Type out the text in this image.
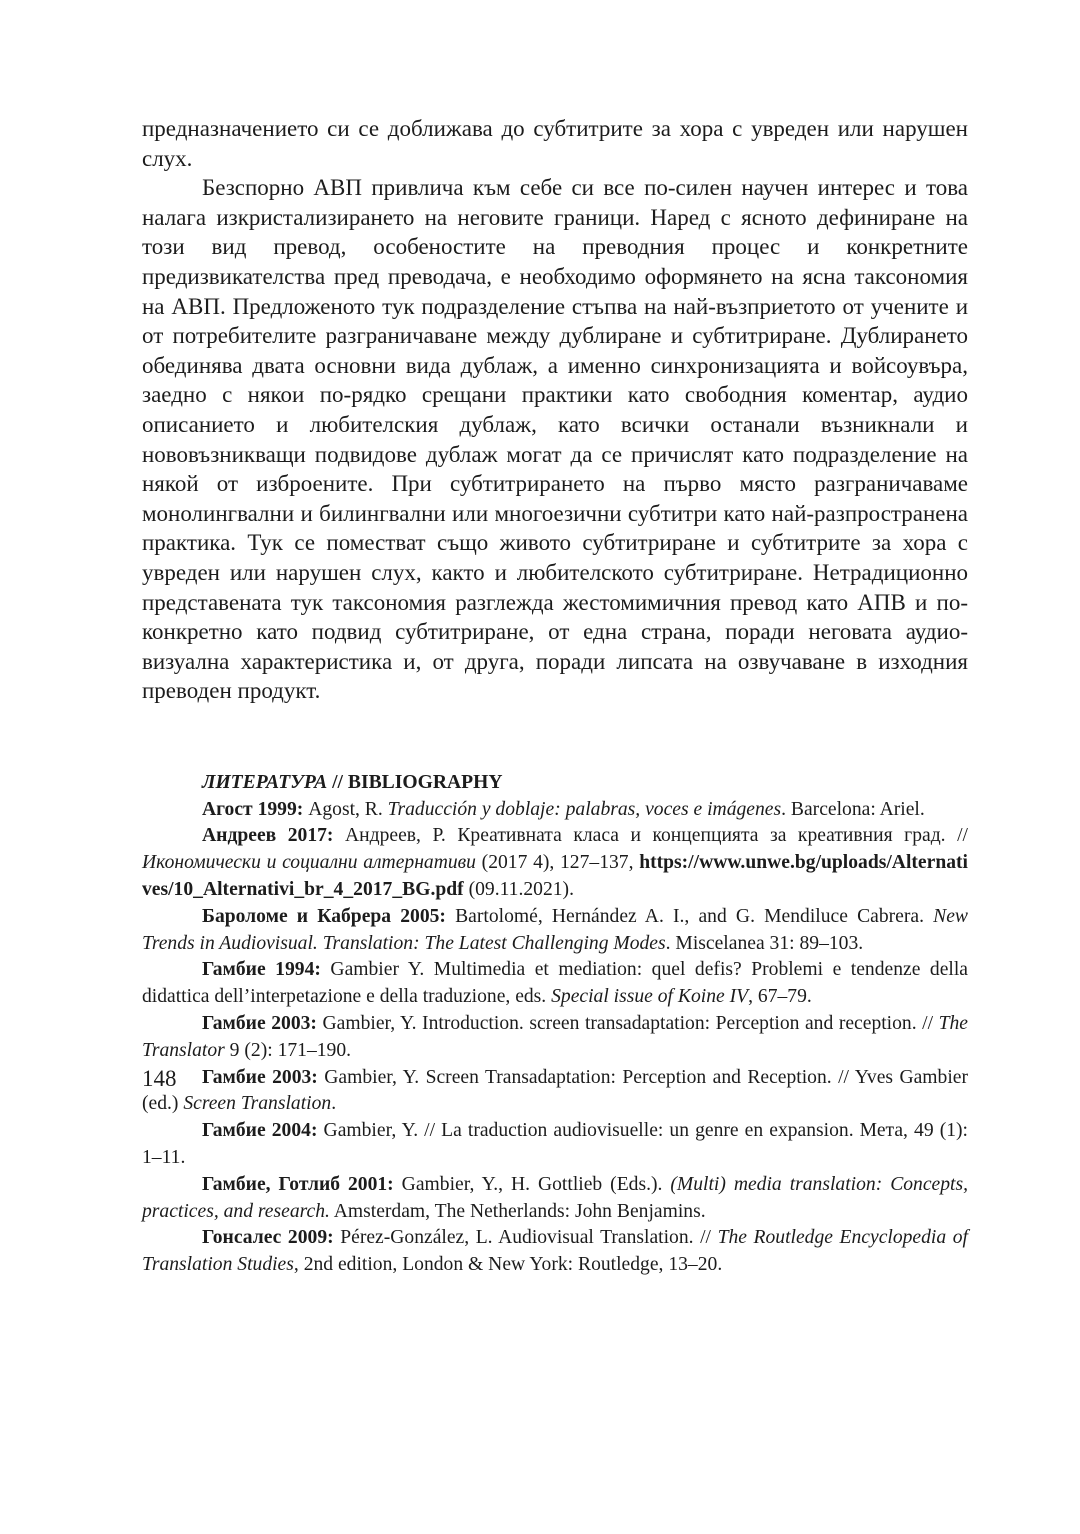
предназначението си се доближава до субтитрите за хора с увреден или нарушен слух.

Безспорно АВП привлича към себе си все по-силен научен интерес и това налага изкристализирането на неговите граници. Наред с ясното дефиниране на този вид превод, особеностите на преводния процес и конкретните предизвикателства пред преводача, е необходимо оформянето на ясна таксономия на АВП. Предложеното тук подразделение стъпва на най-възприетото от учените и от потребителите разграничаване между дублиране и субтитриране. Дублирането обединява двата основни вида дублаж, а именно синхронизацията и войсоувъра, заедно с някои по-рядко срещани практики като свободния коментар, аудио описанието и любителския дублаж, като всички останали възникнали и нововъзникващи подвидове дублаж могат да се причислят като подразделение на някой от изброените. При субтитрирането на първо място разграничаваме монолингвални и билингвални или многоезични субтитри като най-разпространена практика. Тук се поместват също живото субтитриране и субтитрите за хора с увреден или нарушен слух, както и любителското субтитриране. Нетрадиционно представената тук таксономия разглежда жестомимичния превод като АПВ и по-конкретно като подвид субтитриране, от една страна, поради неговата аудио-визуална характеристика и, от друга, поради липсата на озвучаване в изходния преводен продукт.

ЛИТЕРАТУРА // BIBLIOGRAPHY

Агост 1999: Agost, R. Traducción y doblaje: palabras, voces e imágenes. Barcelona: Ariel.

Андреев 2017: Андреев, Р. Креативната класа и концепцията за креативния град. // Икономически и социални алтернативи (2017 4), 127–137, https://www.unwe.bg/uploads/Alternatives/10_Alternativi_br_4_2017_BG.pdf (09.11.2021).

Бароломе и Кабрера 2005: Bartolomé, Hernández A. I., and G. Mendiluce Cabrera. New Trends in Audiovisual. Translation: The Latest Challenging Modes. Miscelanea 31: 89–103.

Гамбие 1994: Gambier Y. Multimedia et mediation: quel defis? Problemi e tendenze della didattica dell’interpetazione e della traduzione, eds. Special issue of Koine IV, 67–79.

Гамбие 2003: Gambier, Y. Introduction. screen transadaptation: Perception and reception. // The Translator 9 (2): 171–190.

Гамбие 2003: Gambier, Y. Screen Transadaptation: Perception and Reception. // Yves Gambier (ed.) Screen Translation.

Гамбие 2004: Gambier, Y. // La traduction audiovisuelle: un genre en expansion. Мета, 49 (1): 1–11.

Гамбие, Готлиб 2001: Gambier, Y., H. Gottlieb (Eds.). (Multi) media translation: Concepts, practices, and research. Amsterdam, The Netherlands: John Benjamins.

Гонсалес 2009: Pérez-González, L. Audiovisual Translation. // The Routledge Encyclopedia of Translation Studies, 2nd edition, London & New York: Routledge, 13–20.

148
